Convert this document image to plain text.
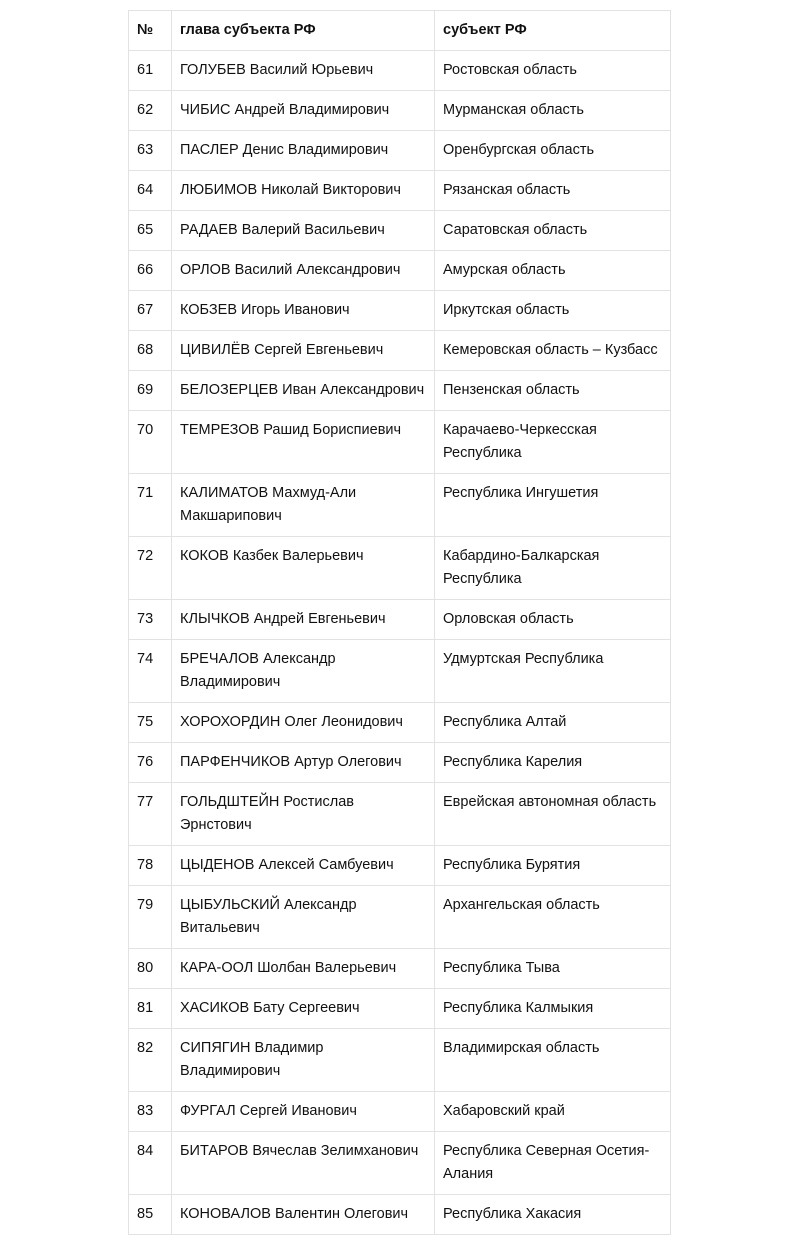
№	глава субъекта РФ	субъект РФ
61	ГОЛУБЕВ Василий Юрьевич	Ростовская область
62	ЧИБИС Андрей Владимирович	Мурманская область
63	ПАСЛЕР Денис Владимирович	Оренбургская область
64	ЛЮБИМОВ Николай Викторович	Рязанская область
65	РАДАЕВ Валерий Васильевич	Саратовская область
66	ОРЛОВ Василий Александрович	Амурская область
67	КОБЗЕВ Игорь Иванович	Иркутская область
68	ЦИВИЛЁВ Сергей Евгеньевич	Кемеровская область – Кузбасс
69	БЕЛОЗЕРЦЕВ Иван Александрович	Пензенская область
70	ТЕМРЕЗОВ Рашид Бориспиевич	Карачаево-Черкесская Республика
71	КАЛИМАТОВ Махмуд-Али Макшарипович	Республика Ингушетия
72	КОКОВ Казбек Валерьевич	Кабардино-Балкарская Республика
73	КЛЫЧКОВ Андрей Евгеньевич	Орловская область
74	БРЕЧАЛОВ Александр Владимирович	Удмуртская Республика
75	ХОРОХОРДИН Олег Леонидович	Республика Алтай
76	ПАРФЕНЧИКОВ Артур Олегович	Республика Карелия
77	ГОЛЬДШТЕЙН Ростислав Эрнстович	Еврейская автономная область
78	ЦЫДЕНОВ Алексей Самбуевич	Республика Бурятия
79	ЦЫБУЛЬСКИЙ Александр Витальевич	Архангельская область
80	КАРА-ООЛ Шолбан Валерьевич	Республика Тыва
81	ХАСИКОВ Бату Сергеевич	Республика Калмыкия
82	СИПЯГИН Владимир Владимирович	Владимирская область
83	ФУРГАЛ Сергей Иванович	Хабаровский край
84	БИТАРОВ Вячеслав Зелимханович	Республика Северная Осетия-Алания
85	КОНОВАЛОВ Валентин Олегович	Республика Хакасия
